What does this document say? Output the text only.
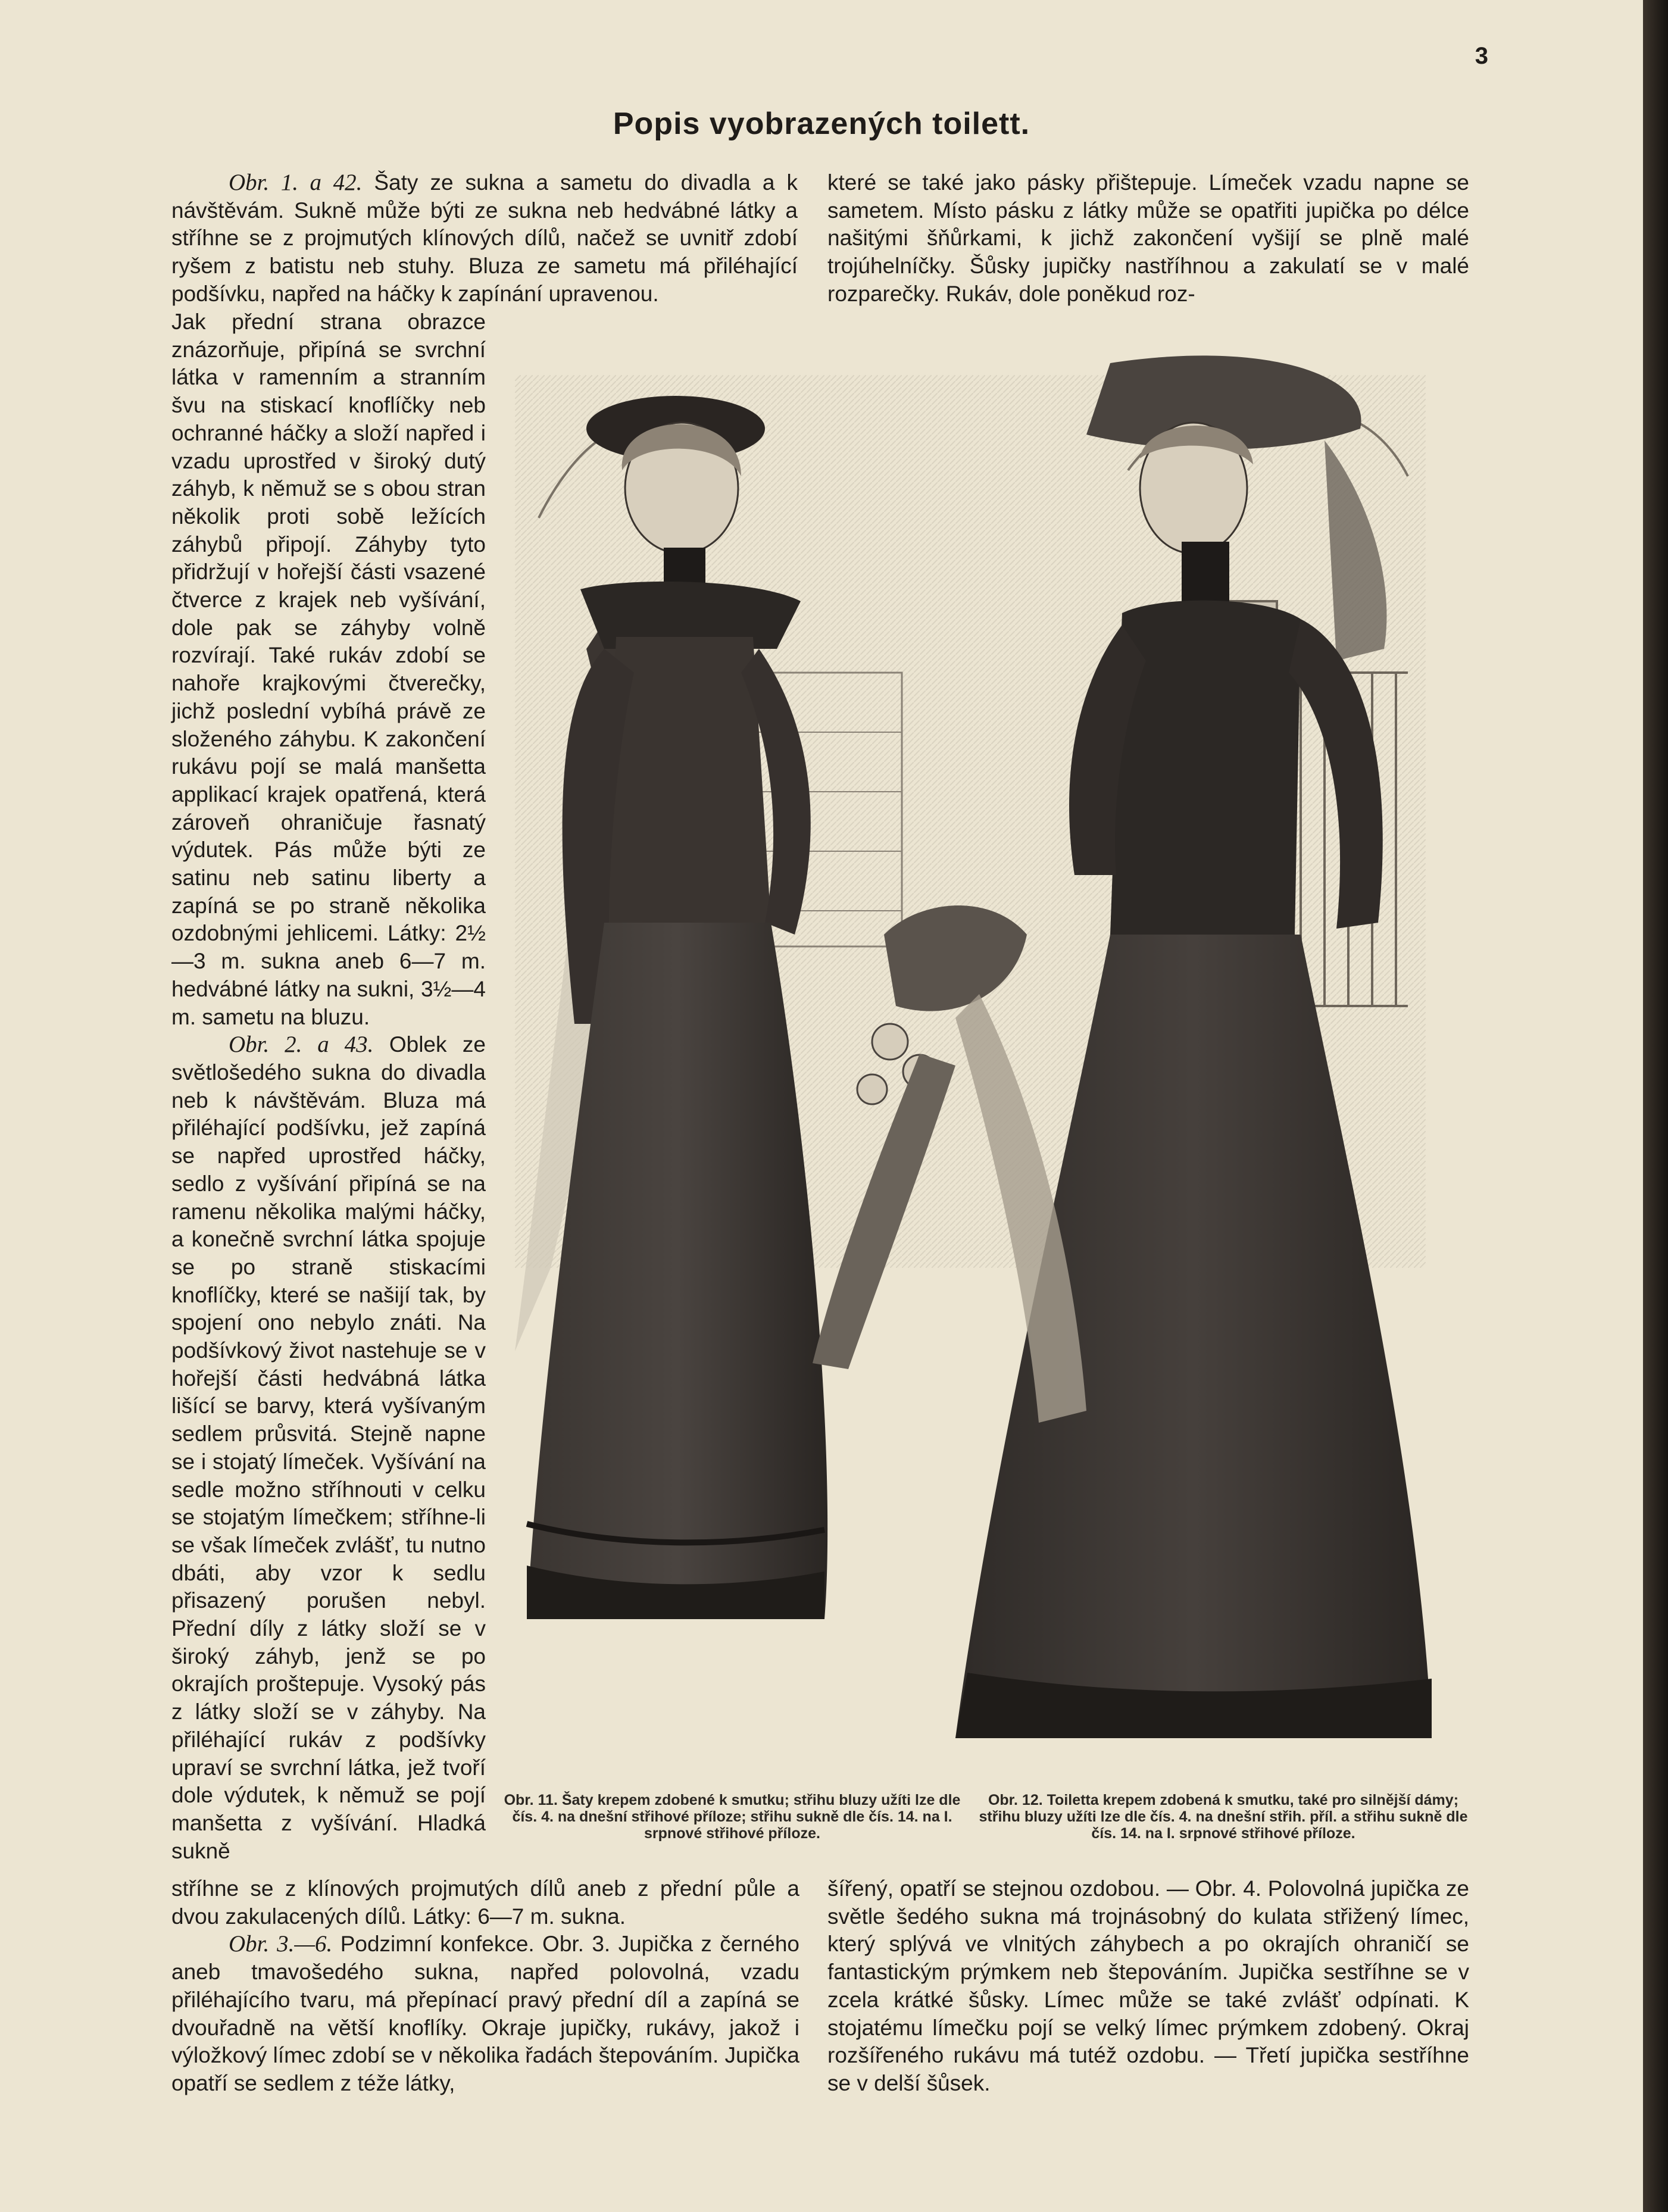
3
Popis vyobrazených toilett.

Obr. 1. a 42. Šaty ze sukna a sametu do divadla a k návštěvám. Sukně může býti ze sukna neb hedvábné látky a stříhne se z projmutých klínových dílů, načež se uvnitř zdobí ryšem z batistu neb stuhy. Bluza ze sametu má přiléhající podšívku, napřed na háčky k zapínání upravenou.

které se také jako pásky přištepuje. Límeček vzadu napne se sametem. Místo pásku z látky může se opatřiti jupička po délce našitými šňůrkami, k jichž zakončení vyšijí se plně malé trojúhelníčky. Šůsky jupičky nastříhnou a zakulatí se v malé rozparečky. Rukáv, dole poněkud roz-

Jak přední strana obrazce znázorňuje, připíná se svrchní látka v ramenním a stranním švu na stiskací knoflíčky neb ochranné háčky a složí napřed i vzadu uprostřed v široký dutý záhyb, k němuž se s obou stran několik proti sobě ležících záhybů připojí. Záhyby tyto přidržují v hořejší části vsazené čtverce z krajek neb vyšívání, dole pak se záhyby volně rozvírají. Také rukáv zdobí se nahoře krajkovými čtverečky, jichž poslední vybíhá právě ze složeného záhybu. K zakončení rukávu pojí se malá manšetta applikací krajek opatřená, která zároveň ohraničuje řasnatý výdutek. Pás může býti ze satinu neb satinu liberty a zapíná se po straně několika ozdobnými jehlicemi. Látky: 2½—3 m. sukna aneb 6—7 m. hedvábné látky na sukni, 3½—4 m. sametu na bluzu.

Obr. 2. a 43. Oblek ze světlošedého sukna do divadla neb k návštěvám. Bluza má přiléhající podšívku, jež zapíná se napřed uprostřed háčky, sedlo z vyšívání připíná se na ramenu několika malými háčky, a konečně svrchní látka spojuje se po straně stiskacími knoflíčky, které se našijí tak, by spojení ono nebylo znáti. Na podšívkový život nastehuje se v hořejší části hedvábná látka lišící se barvy, která vyšívaným sedlem průsvitá. Stejně napne se i stojatý límeček. Vyšívání na sedle možno stříhnouti v celku se stojatým límečkem; stříhne-li se však límeček zvlášť, tu nutno dbáti, aby vzor k sedlu přisazený porušen nebyl. Přední díly z látky složí se v široký záhyb, jenž se po okrajích proštepuje. Vysoký pás z látky složí se v záhyby. Na přiléhající rukáv z podšívky upraví se svrchní látka, jež tvoří dole výdutek, k němuž se pojí manšetta z vyšívání. Hladká sukně

Obr. 11. Šaty krepem zdobené k smutku; střihu bluzy užíti lze dle čís. 4. na dnešní střihové příloze; střihu sukně dle čís. 14. na I. srpnové střihové příloze.
Obr. 12. Toiletta krepem zdobená k smutku, také pro silnější dámy; střihu bluzy užíti lze dle čís. 4. na dnešní střih. příl. a střihu sukně dle čís. 14. na I. srpnové střihové příloze.

stříhne se z klínových projmutých dílů aneb z přední půle a dvou zakulacených dílů. Látky: 6—7 m. sukna.

Obr. 3.—6. Podzimní konfekce. Obr. 3. Jupička z černého aneb tmavošedého sukna, napřed polovolná, vzadu přiléhajícího tvaru, má přepínací pravý přední díl a zapíná se dvouřadně na větší knoflíky. Okraje jupičky, rukávy, jakož i výložkový límec zdobí se v několika řadách štepováním. Jupička opatří se sedlem z téže látky,

šířený, opatří se stejnou ozdobou. — Obr. 4. Polovolná jupička ze světle šedého sukna má trojnásobný do kulata střižený límec, který splývá ve vlnitých záhybech a po okrajích ohraničí se fantastickým prýmkem neb štepováním. Jupička sestříhne se v zcela krátké šůsky. Límec může se také zvlášť odpínati. K stojatému límečku pojí se velký límec prýmkem zdobený. Okraj rozšířeného rukávu má tutéž ozdobu. — Třetí jupička sestříhne se v delší šůsek.
